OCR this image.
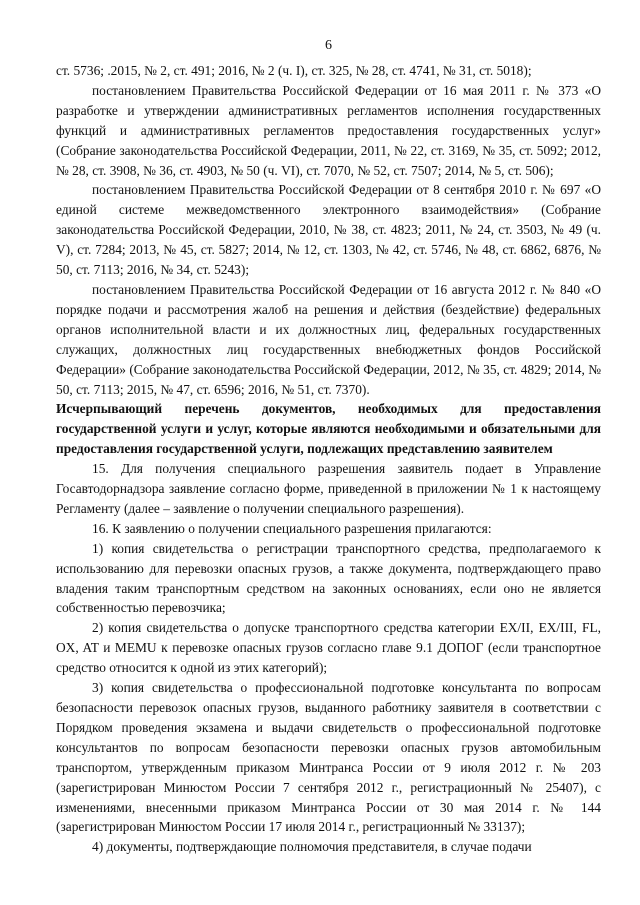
6

ст. 5736; .2015, № 2, ст. 491; 2016, № 2 (ч. I), ст. 325, № 28, ст. 4741, № 31, ст. 5018);

постановлением Правительства Российской Федерации от 16 мая 2011 г. № 373 «О разработке и утверждении административных регламентов исполнения государственных функций и административных регламентов предоставления государственных услуг» (Собрание законодательства Российской Федерации, 2011, № 22, ст. 3169, № 35, ст. 5092; 2012, № 28, ст. 3908, № 36, ст. 4903, № 50 (ч. VI), ст. 7070, № 52, ст. 7507; 2014, № 5, ст. 506);

постановлением Правительства Российской Федерации от 8 сентября 2010 г. № 697 «О единой системе межведомственного электронного взаимодействия» (Собрание законодательства Российской Федерации, 2010, № 38, ст. 4823; 2011, № 24, ст. 3503, № 49 (ч. V), ст. 7284; 2013, № 45, ст. 5827; 2014, № 12, ст. 1303, № 42, ст. 5746, № 48, ст. 6862, 6876, № 50, ст. 7113; 2016, № 34, ст. 5243);

постановлением Правительства Российской Федерации от 16 августа 2012 г. № 840 «О порядке подачи и рассмотрения жалоб на решения и действия (бездействие) федеральных органов исполнительной власти и их должностных лиц, федеральных государственных служащих, должностных лиц государственных внебюджетных фондов Российской Федерации» (Собрание законодательства Российской Федерации, 2012, № 35, ст. 4829; 2014, № 50, ст. 7113; 2015, № 47, ст. 6596; 2016, № 51, ст. 7370).

Исчерпывающий перечень документов, необходимых для предоставления государственной услуги и услуг, которые являются необходимыми и обязательными для предоставления государственной услуги, подлежащих представлению заявителем

15. Для получения специального разрешения заявитель подает в Управление Госавтодорнадзора заявление согласно форме, приведенной в приложении № 1 к настоящему Регламенту (далее – заявление о получении специального разрешения).

16. К заявлению о получении специального разрешения прилагаются:

1) копия свидетельства о регистрации транспортного средства, предполагаемого к использованию для перевозки опасных грузов, а также документа, подтверждающего право владения таким транспортным средством на законных основаниях, если оно не является собственностью перевозчика;

2) копия свидетельства о допуске транспортного средства категории EX/II, EX/III, FL, OX, AT и MEMU к перевозке опасных грузов согласно главе 9.1 ДОПОГ (если транспортное средство относится к одной из этих категорий);

3) копия свидетельства о профессиональной подготовке консультанта по вопросам безопасности перевозок опасных грузов, выданного работнику заявителя в соответствии с Порядком проведения экзамена и выдачи свидетельств о профессиональной подготовке консультантов по вопросам безопасности перевозки опасных грузов автомобильным транспортом, утвержденным приказом Минтранса России от 9 июля 2012 г. № 203 (зарегистрирован Минюстом России 7 сентября 2012 г., регистрационный № 25407), с изменениями, внесенными приказом Минтранса России от 30 мая 2014 г. № 144 (зарегистрирован Минюстом России 17 июля 2014 г., регистрационный № 33137);

4) документы, подтверждающие полномочия представителя, в случае подачи
